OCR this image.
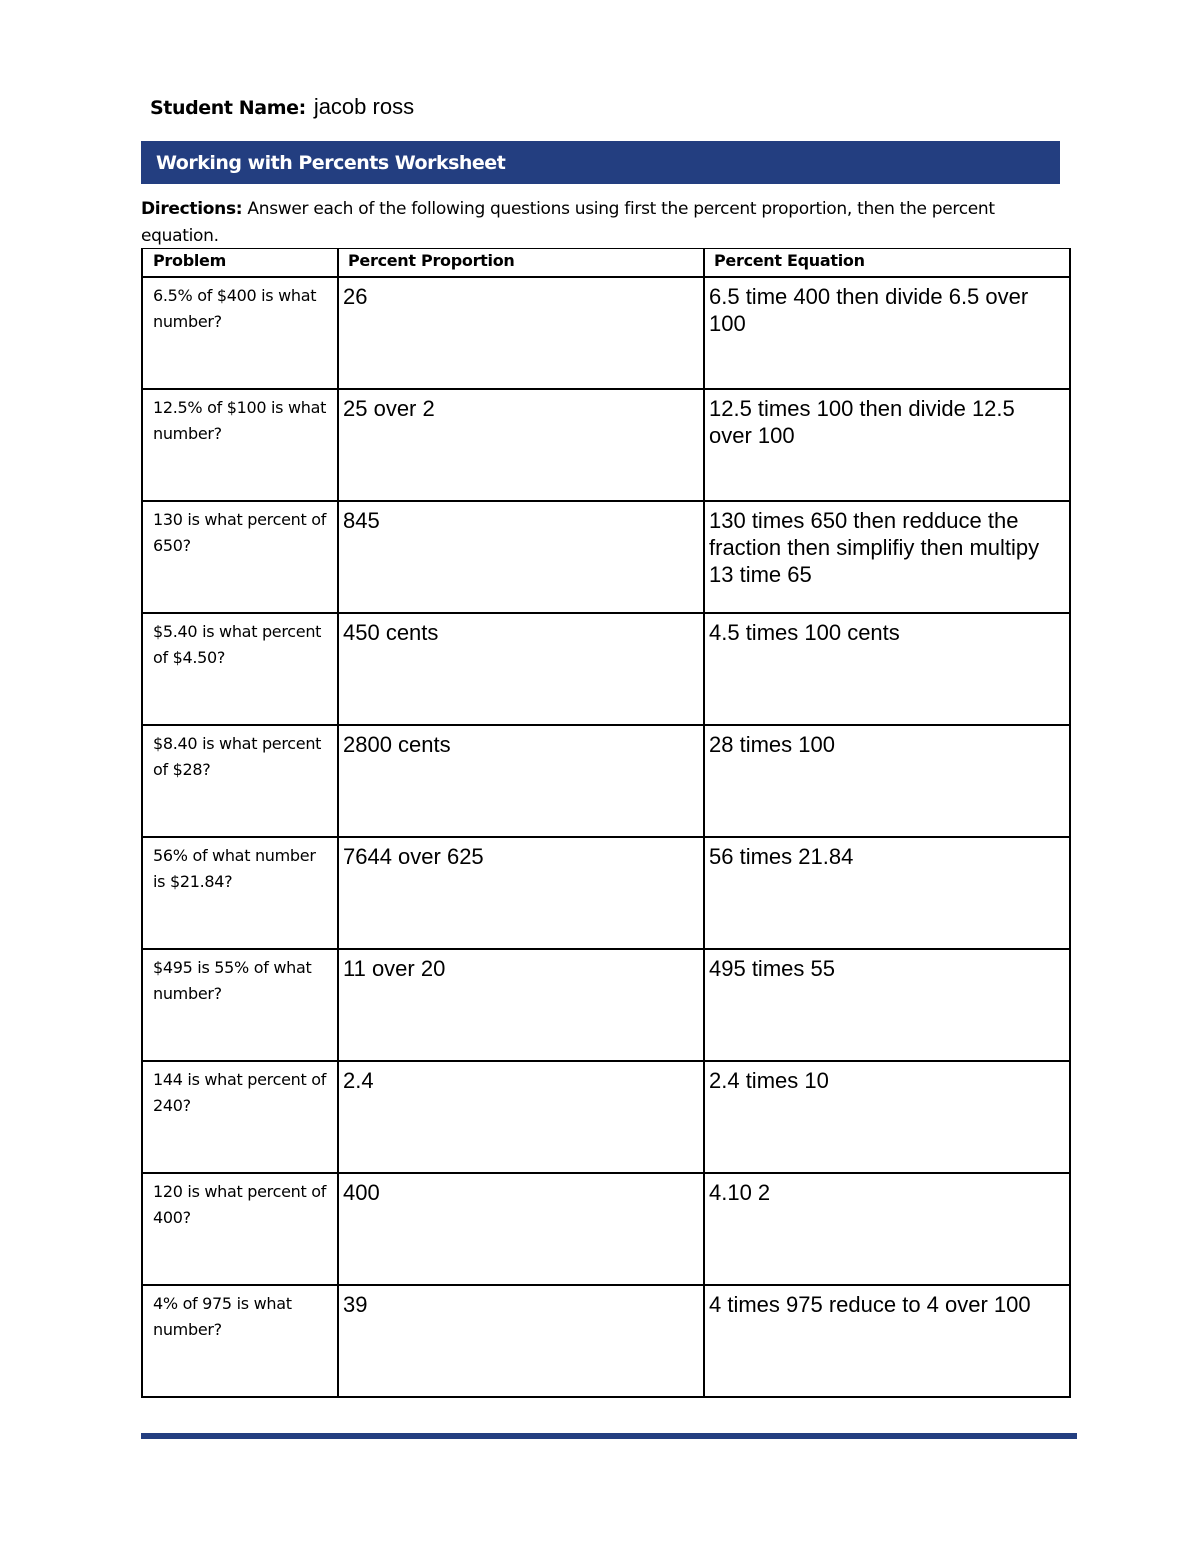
Student Name: jacob ross
Working with Percents Worksheet
Directions: Answer each of the following questions using first the percent proportion, then the percent equation.
Problem	Percent Proportion	Percent Equation
6.5% of $400 is what number?	26	6.5 time 400 then divide 6.5 over 100
12.5% of $100 is what number?	25 over 2	12.5 times 100 then divide 12.5 over 100
130 is what percent of 650?	845	130 times 650 then redduce the fraction then simplifiy then multipy 13 time 65
$5.40 is what percent of $4.50?	450 cents	4.5 times 100 cents
$8.40 is what percent of $28?	2800 cents	28 times 100
56% of what number is $21.84?	7644 over 625	56 times 21.84
$495 is 55% of what number?	11 over 20	495 times 55
144 is what percent of 240?	2.4	2.4 times 10
120 is what percent of 400?	400	4.10 2
4% of 975 is what number?	39	4 times 975 reduce to 4 over 100
